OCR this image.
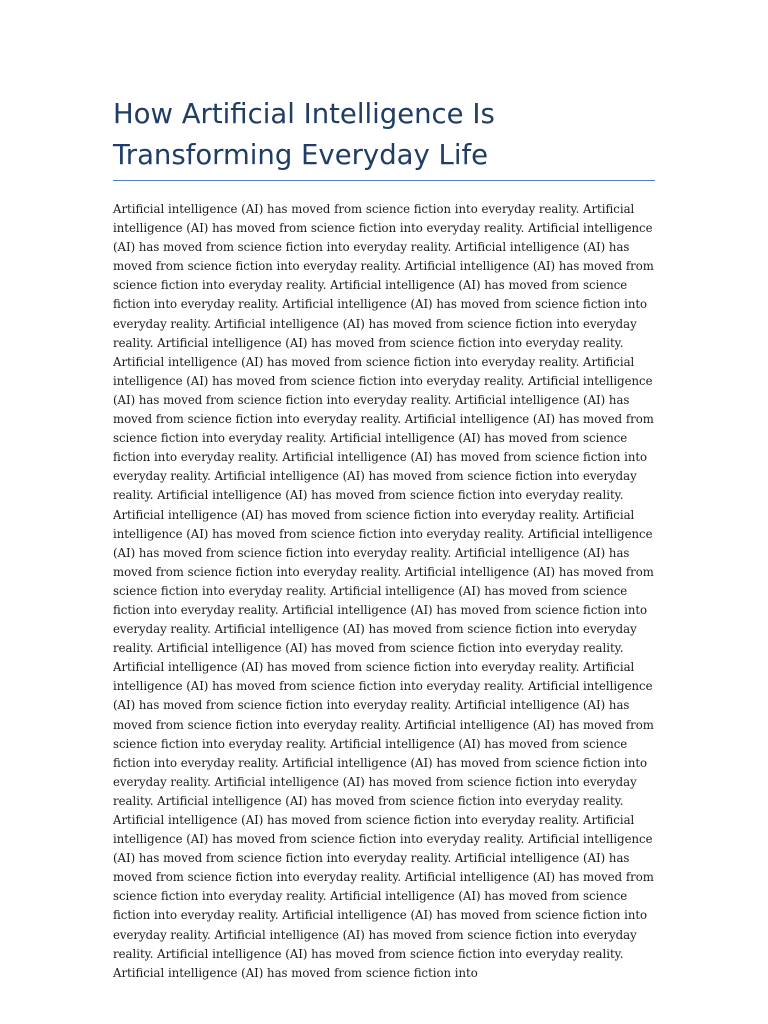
How Artificial Intelligence Is
Transforming Everyday Life

Artificial intelligence (AI) has moved from science fiction into everyday reality. Artificial intelligence (AI) has moved from science fiction into everyday reality. Artificial intelligence (AI) has moved from science fiction into everyday reality. Artificial intelligence (AI) has moved from science fiction into everyday reality. Artificial intelligence (AI) has moved from science fiction into everyday reality. Artificial intelligence (AI) has moved from science fiction into everyday reality. Artificial intelligence (AI) has moved from science fiction into everyday reality. Artificial intelligence (AI) has moved from science fiction into everyday reality. Artificial intelligence (AI) has moved from science fiction into everyday reality. Artificial intelligence (AI) has moved from science fiction into everyday reality. Artificial intelligence (AI) has moved from science fiction into everyday reality. Artificial intelligence (AI) has moved from science fiction into everyday reality. Artificial intelligence (AI) has moved from science fiction into everyday reality. Artificial intelligence (AI) has moved from science fiction into everyday reality. Artificial intelligence (AI) has moved from science fiction into everyday reality. Artificial intelligence (AI) has moved from science fiction into everyday reality. Artificial intelligence (AI) has moved from science fiction into everyday reality. Artificial intelligence (AI) has moved from science fiction into everyday reality. Artificial intelligence (AI) has moved from science fiction into everyday reality. Artificial intelligence (AI) has moved from science fiction into everyday reality. Artificial intelligence (AI) has moved from science fiction into everyday reality. Artificial intelligence (AI) has moved from science fiction into everyday reality. Artificial intelligence (AI) has moved from science fiction into everyday reality. Artificial intelligence (AI) has moved from science fiction into everyday reality. Artificial intelligence (AI) has moved from science fiction into everyday reality. Artificial intelligence (AI) has moved from science fiction into everyday reality. Artificial intelligence (AI) has moved from science fiction into everyday reality. Artificial intelligence (AI) has moved from science fiction into everyday reality. Artificial intelligence (AI) has moved from science fiction into everyday reality. Artificial intelligence (AI) has moved from science fiction into everyday reality. Artificial intelligence (AI) has moved from science fiction into everyday reality. Artificial intelligence (AI) has moved from science fiction into everyday reality. Artificial intelligence (AI) has moved from science fiction into everyday reality. Artificial intelligence (AI) has moved from science fiction into everyday reality. Artificial intelligence (AI) has moved from science fiction into everyday reality. Artificial intelligence (AI) has moved from science fiction into everyday reality. Artificial intelligence (AI) has moved from science fiction into everyday reality. Artificial intelligence (AI) has moved from science fiction into everyday reality. Artificial intelligence (AI) has moved from science fiction into everyday reality. Artificial intelligence (AI) has moved from science fiction into everyday reality. Artificial intelligence (AI) has moved from science fiction into everyday reality. Artificial intelligence (AI) has moved from science fiction into everyday reality. Artificial intelligence (AI) has moved from science fiction into everyday reality. Artificial intelligence (AI) has moved from science fiction into everyday reality. Artificial intelligence (AI) has moved from science fiction into everyday reality. Artificial intelligence (AI) has moved from science fiction into
